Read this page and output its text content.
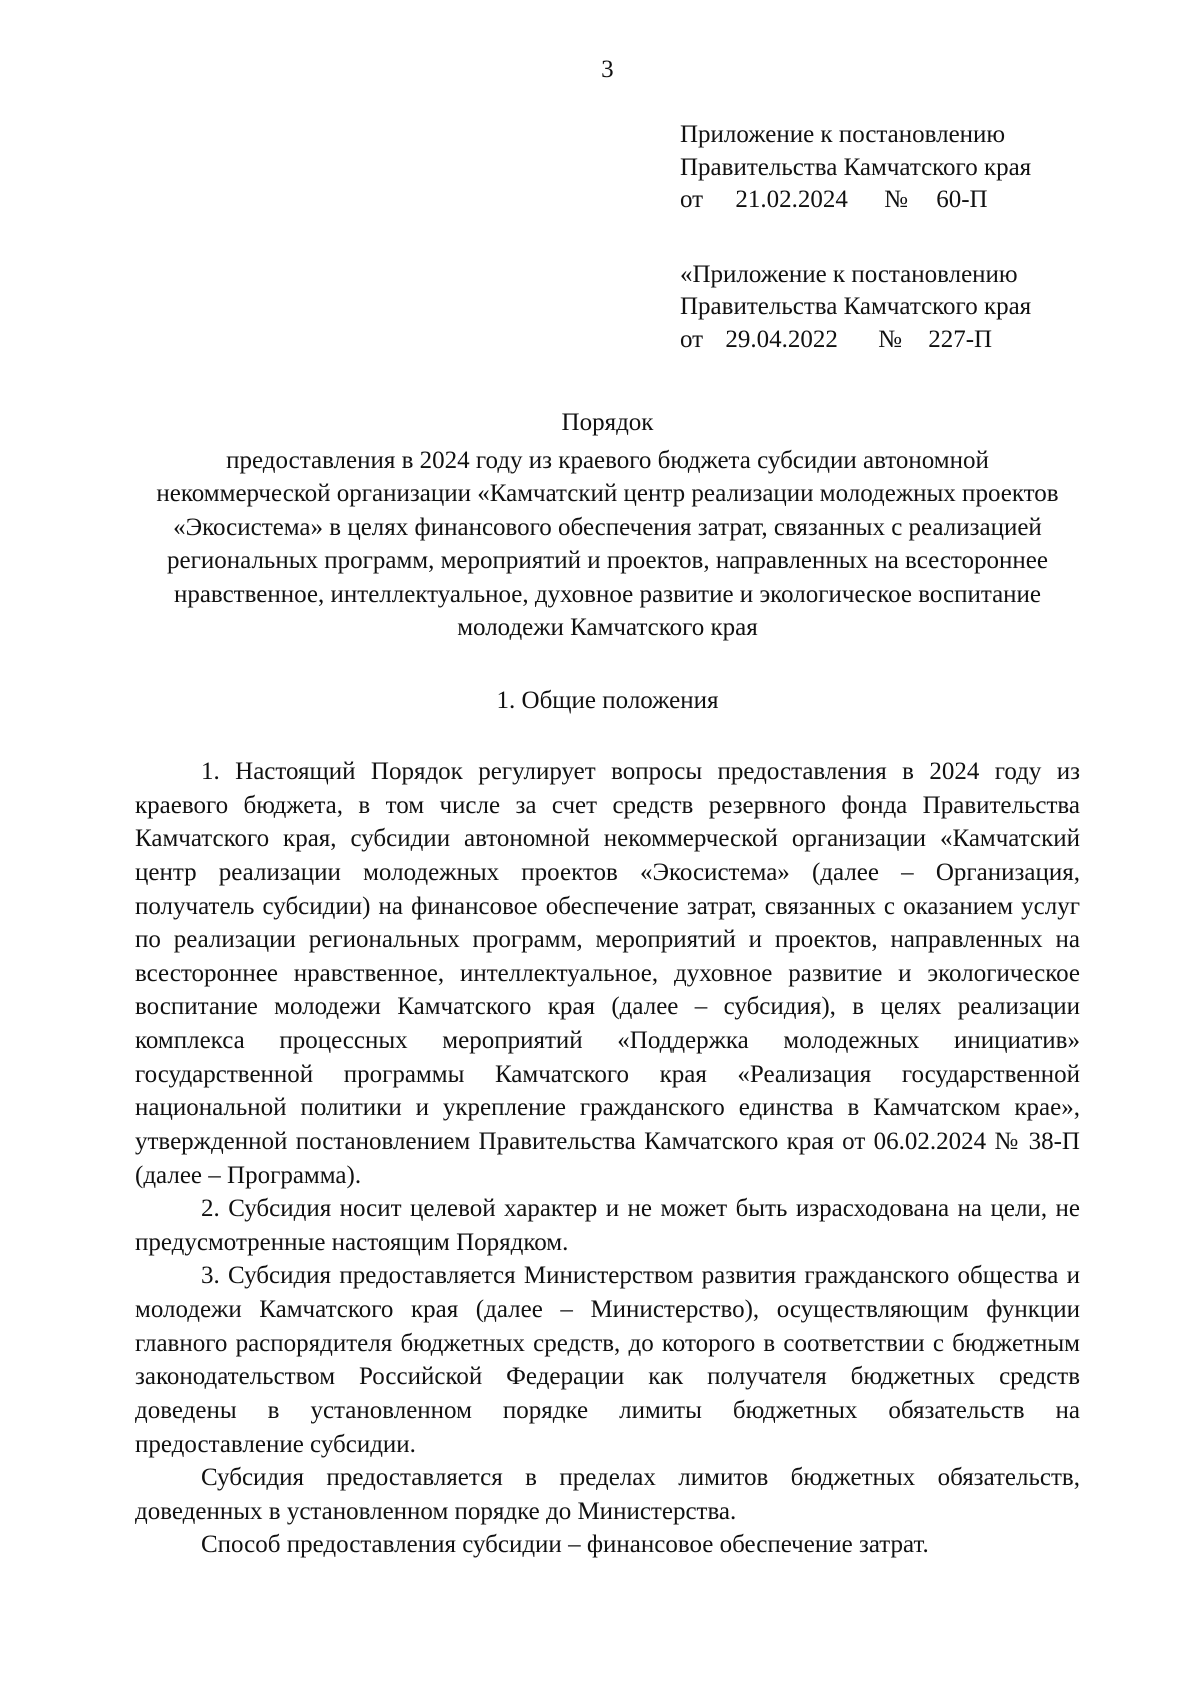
3
Приложение к постановлению
Правительства Камчатского края
от 21.02.2024 № 60-П
«Приложение к постановлению
Правительства Камчатского края
от 29.04.2022 № 227-П
Порядок
предоставления в 2024 году из краевого бюджета субсидии автономной некоммерческой организации «Камчатский центр реализации молодежных проектов «Экосистема» в целях финансового обеспечения затрат, связанных с реализацией региональных программ, мероприятий и проектов, направленных на всестороннее нравственное, интеллектуальное, духовное развитие и экологическое воспитание молодежи Камчатского края
1. Общие положения

1. Настоящий Порядок регулирует вопросы предоставления в 2024 году из краевого бюджета, в том числе за счет средств резервного фонда Правительства Камчатского края, субсидии автономной некоммерческой организации «Камчатский центр реализации молодежных проектов «Экосистема» (далее – Организация, получатель субсидии) на финансовое обеспечение затрат, связанных с оказанием услуг по реализации региональных программ, мероприятий и проектов, направленных на всестороннее нравственное, интеллектуальное, духовное развитие и экологическое воспитание молодежи Камчатского края (далее – субсидия), в целях реализации комплекса процессных мероприятий «Поддержка молодежных инициатив» государственной программы Камчатского края «Реализация государственной национальной политики и укрепление гражданского единства в Камчатском крае», утвержденной постановлением Правительства Камчатского края от 06.02.2024 № 38-П (далее – Программа).

2. Субсидия носит целевой характер и не может быть израсходована на цели, не предусмотренные настоящим Порядком.

3. Субсидия предоставляется Министерством развития гражданского общества и молодежи Камчатского края (далее – Министерство), осуществляющим функции главного распорядителя бюджетных средств, до которого в соответствии с бюджетным законодательством Российской Федерации как получателя бюджетных средств доведены в установленном порядке лимиты бюджетных обязательств на предоставление субсидии.

Субсидия предоставляется в пределах лимитов бюджетных обязательств, доведенных в установленном порядке до Министерства.

Способ предоставления субсидии – финансовое обеспечение затрат.
